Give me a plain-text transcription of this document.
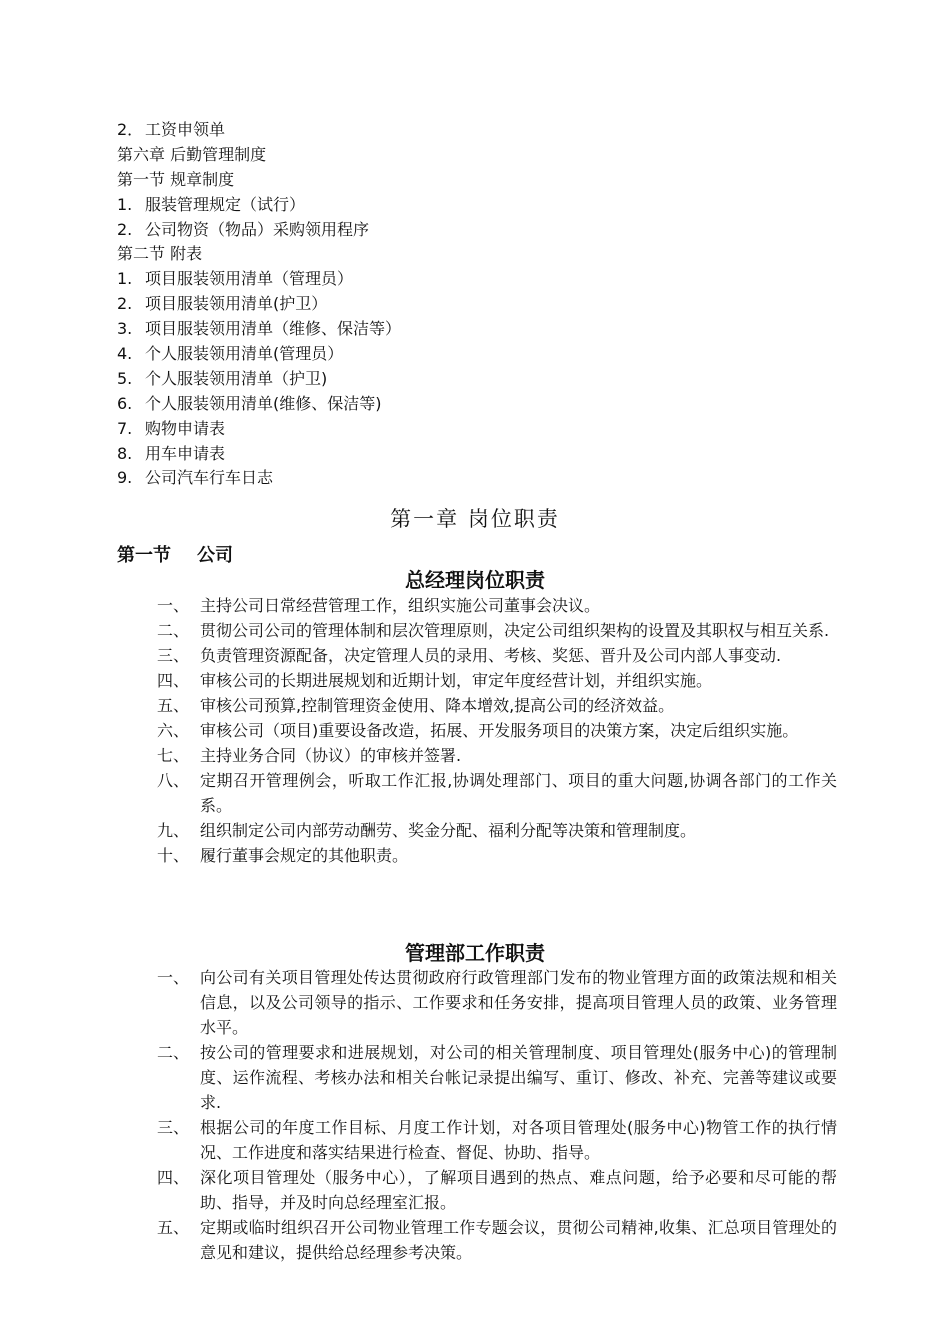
2． 工资申领单
第六章 后勤管理制度
第一节 规章制度
1. 服装管理规定（试行）
2. 公司物资（物品）采购领用程序
第二节 附表
1. 项目服装领用清单（管理员）
2. 项目服装领用清单(护卫）
3. 项目服装领用清单（维修、保洁等）
4. 个人服装领用清单(管理员）
5. 个人服装领用清单（护卫)
6. 个人服装领用清单(维修、保洁等)
7. 购物申请表
8. 用车申请表
9. 公司汽车行车日志
第一章 岗位职责
第一节 公司
总经理岗位职责
一、 主持公司日常经营管理工作，组织实施公司董事会决议。
二、 贯彻公司公司的管理体制和层次管理原则，决定公司组织架构的设置及其职权与相互关系.
三、 负责管理资源配备，决定管理人员的录用、考核、奖惩、晋升及公司内部人事变动.
四、 审核公司的长期进展规划和近期计划，审定年度经营计划，并组织实施。
五、 审核公司预算,控制管理资金使用、降本增效,提高公司的经济效益。
六、 审核公司（项目)重要设备改造，拓展、开发服务项目的决策方案，决定后组织实施。
七、 主持业务合同（协议）的审核并签署.
八、 定期召开管理例会，听取工作汇报,协调处理部门、项目的重大问题,协调各部门的工作关系。
九、 组织制定公司内部劳动酬劳、奖金分配、福利分配等决策和管理制度。
十、 履行董事会规定的其他职责。
管理部工作职责
一、 向公司有关项目管理处传达贯彻政府行政管理部门发布的物业管理方面的政策法规和相关信息，以及公司领导的指示、工作要求和任务安排，提高项目管理人员的政策、业务管理水平。
二、 按公司的管理要求和进展规划，对公司的相关管理制度、项目管理处(服务中心)的管理制度、运作流程、考核办法和相关台帐记录提出编写、重订、修改、补充、完善等建议或要求.
三、 根据公司的年度工作目标、月度工作计划，对各项目管理处(服务中心)物管工作的执行情况、工作进度和落实结果进行检查、督促、协助、指导。
四、 深化项目管理处（服务中心），了解项目遇到的热点、难点问题，给予必要和尽可能的帮助、指导，并及时向总经理室汇报。
五、 定期或临时组织召开公司物业管理工作专题会议，贯彻公司精神,收集、汇总项目管理处的意见和建议，提供给总经理参考决策。
